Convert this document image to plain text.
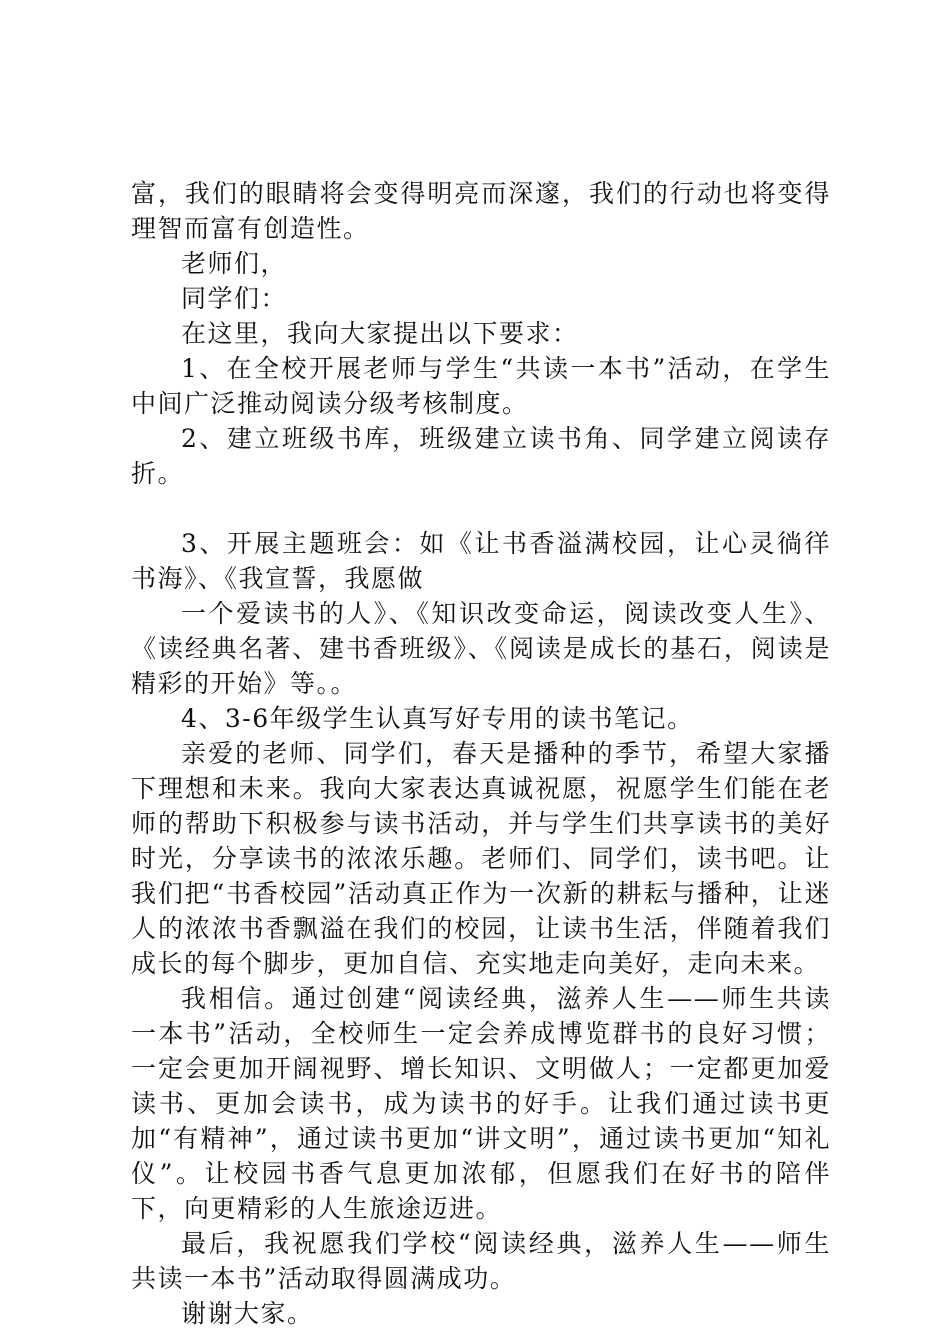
富，我们的眼睛将会变得明亮而深邃，我们的行动也将变得理智而富有创造性。

老师们，

同学们：

在这里，我向大家提出以下要求：

1、在全校开展老师与学生“共读一本书”活动，在学生中间广泛推动阅读分级考核制度。

2、建立班级书库，班级建立读书角、同学建立阅读存折。

3、开展主题班会：如《让书香溢满校园，让心灵徜徉书海》、《我宣誓，我愿做

一个爱读书的人》、《知识改变命运，阅读改变人生》、《读经典名著、建书香班级》、《阅读是成长的基石，阅读是精彩的开始》等。。

4、3-6年级学生认真写好专用的读书笔记。

亲爱的老师、同学们，春天是播种的季节，希望大家播下理想和未来。我向大家表达真诚祝愿，祝愿学生们能在老师的帮助下积极参与读书活动，并与学生们共享读书的美好时光，分享读书的浓浓乐趣。老师们、同学们，读书吧。让我们把“书香校园”活动真正作为一次新的耕耘与播种，让迷人的浓浓书香飘溢在我们的校园，让读书生活，伴随着我们成长的每个脚步，更加自信、充实地走向美好，走向未来。

我相信。通过创建“阅读经典，滋养人生——师生共读一本书”活动，全校师生一定会养成博览群书的良好习惯；一定会更加开阔视野、增长知识、文明做人；一定都更加爱读书、更加会读书，成为读书的好手。让我们通过读书更加“有精神”，通过读书更加“讲文明”，通过读书更加“知礼仪”。让校园书香气息更加浓郁，但愿我们在好书的陪伴下，向更精彩的人生旅途迈进。

最后，我祝愿我们学校“阅读经典，滋养人生——师生共读一本书”活动取得圆满成功。

谢谢大家。
